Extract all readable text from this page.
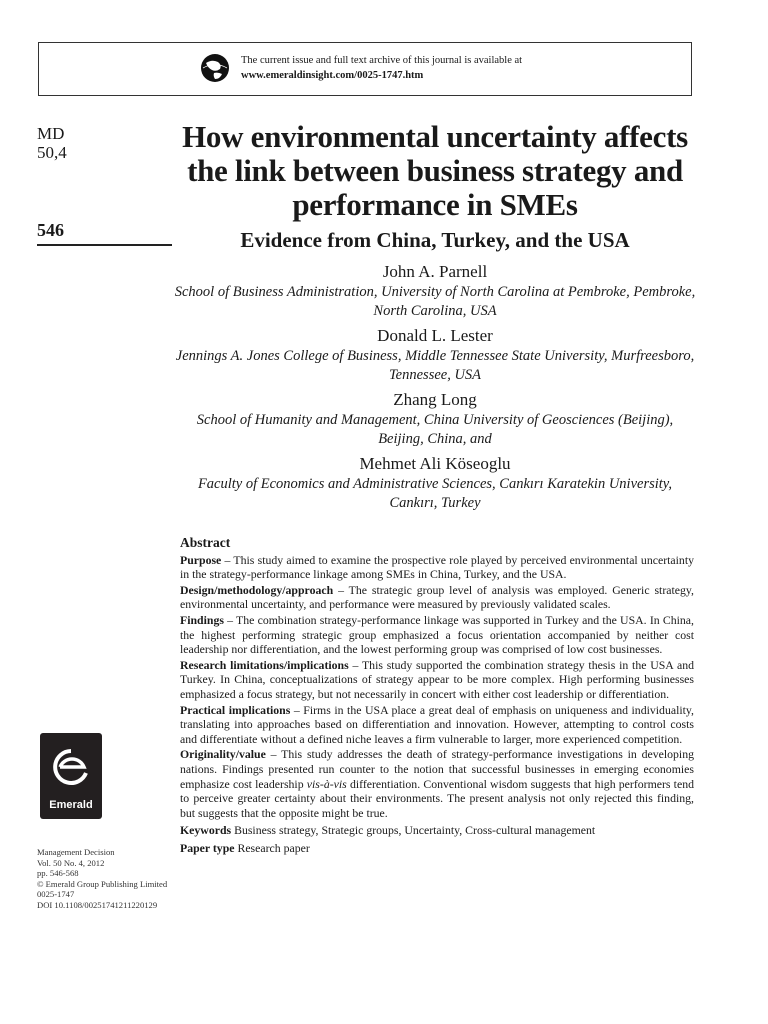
The current issue and full text archive of this journal is available at
www.emeraldinsight.com/0025-1747.htm
MD
50,4
546
How environmental uncertainty affects the link between business strategy and performance in SMEs
Evidence from China, Turkey, and the USA
John A. Parnell
School of Business Administration, University of North Carolina at Pembroke, Pembroke, North Carolina, USA
Donald L. Lester
Jennings A. Jones College of Business, Middle Tennessee State University, Murfreesboro, Tennessee, USA
Zhang Long
School of Humanity and Management, China University of Geosciences (Beijing), Beijing, China, and
Mehmet Ali Köseoglu
Faculty of Economics and Administrative Sciences, Cankırı Karatekin University, Cankırı, Turkey
Abstract

Purpose – This study aimed to examine the prospective role played by perceived environmental uncertainty in the strategy-performance linkage among SMEs in China, Turkey, and the USA.

Design/methodology/approach – The strategic group level of analysis was employed. Generic strategy, environmental uncertainty, and performance were measured by previously validated scales.

Findings – The combination strategy-performance linkage was supported in Turkey and the USA. In China, the highest performing strategic group emphasized a focus orientation accompanied by neither cost leadership nor differentiation, and the lowest performing group was comprised of low cost businesses.

Research limitations/implications – This study supported the combination strategy thesis in the USA and Turkey. In China, conceptualizations of strategy appear to be more complex. High performing businesses emphasized a focus strategy, but not necessarily in concert with either cost leadership or differentiation.

Practical implications – Firms in the USA place a great deal of emphasis on uniqueness and individuality, translating into approaches based on differentiation and innovation. However, attempting to control costs and differentiate without a defined niche leaves a firm vulnerable to larger, more experienced competition.

Originality/value – This study addresses the death of strategy-performance investigations in developing nations. Findings presented run counter to the notion that successful businesses in emerging economies emphasize cost leadership vis-à-vis differentiation. Conventional wisdom suggests that high performers tend to perceive greater certainty about their environments. The present analysis not only rejected this finding, but suggests that the opposite might be true.

Keywords Business strategy, Strategic groups, Uncertainty, Cross-cultural management

Paper type Research paper

Emerald
Management Decision
Vol. 50 No. 4, 2012
pp. 546-568
© Emerald Group Publishing Limited
0025-1747
DOI 10.1108/00251741211220129
